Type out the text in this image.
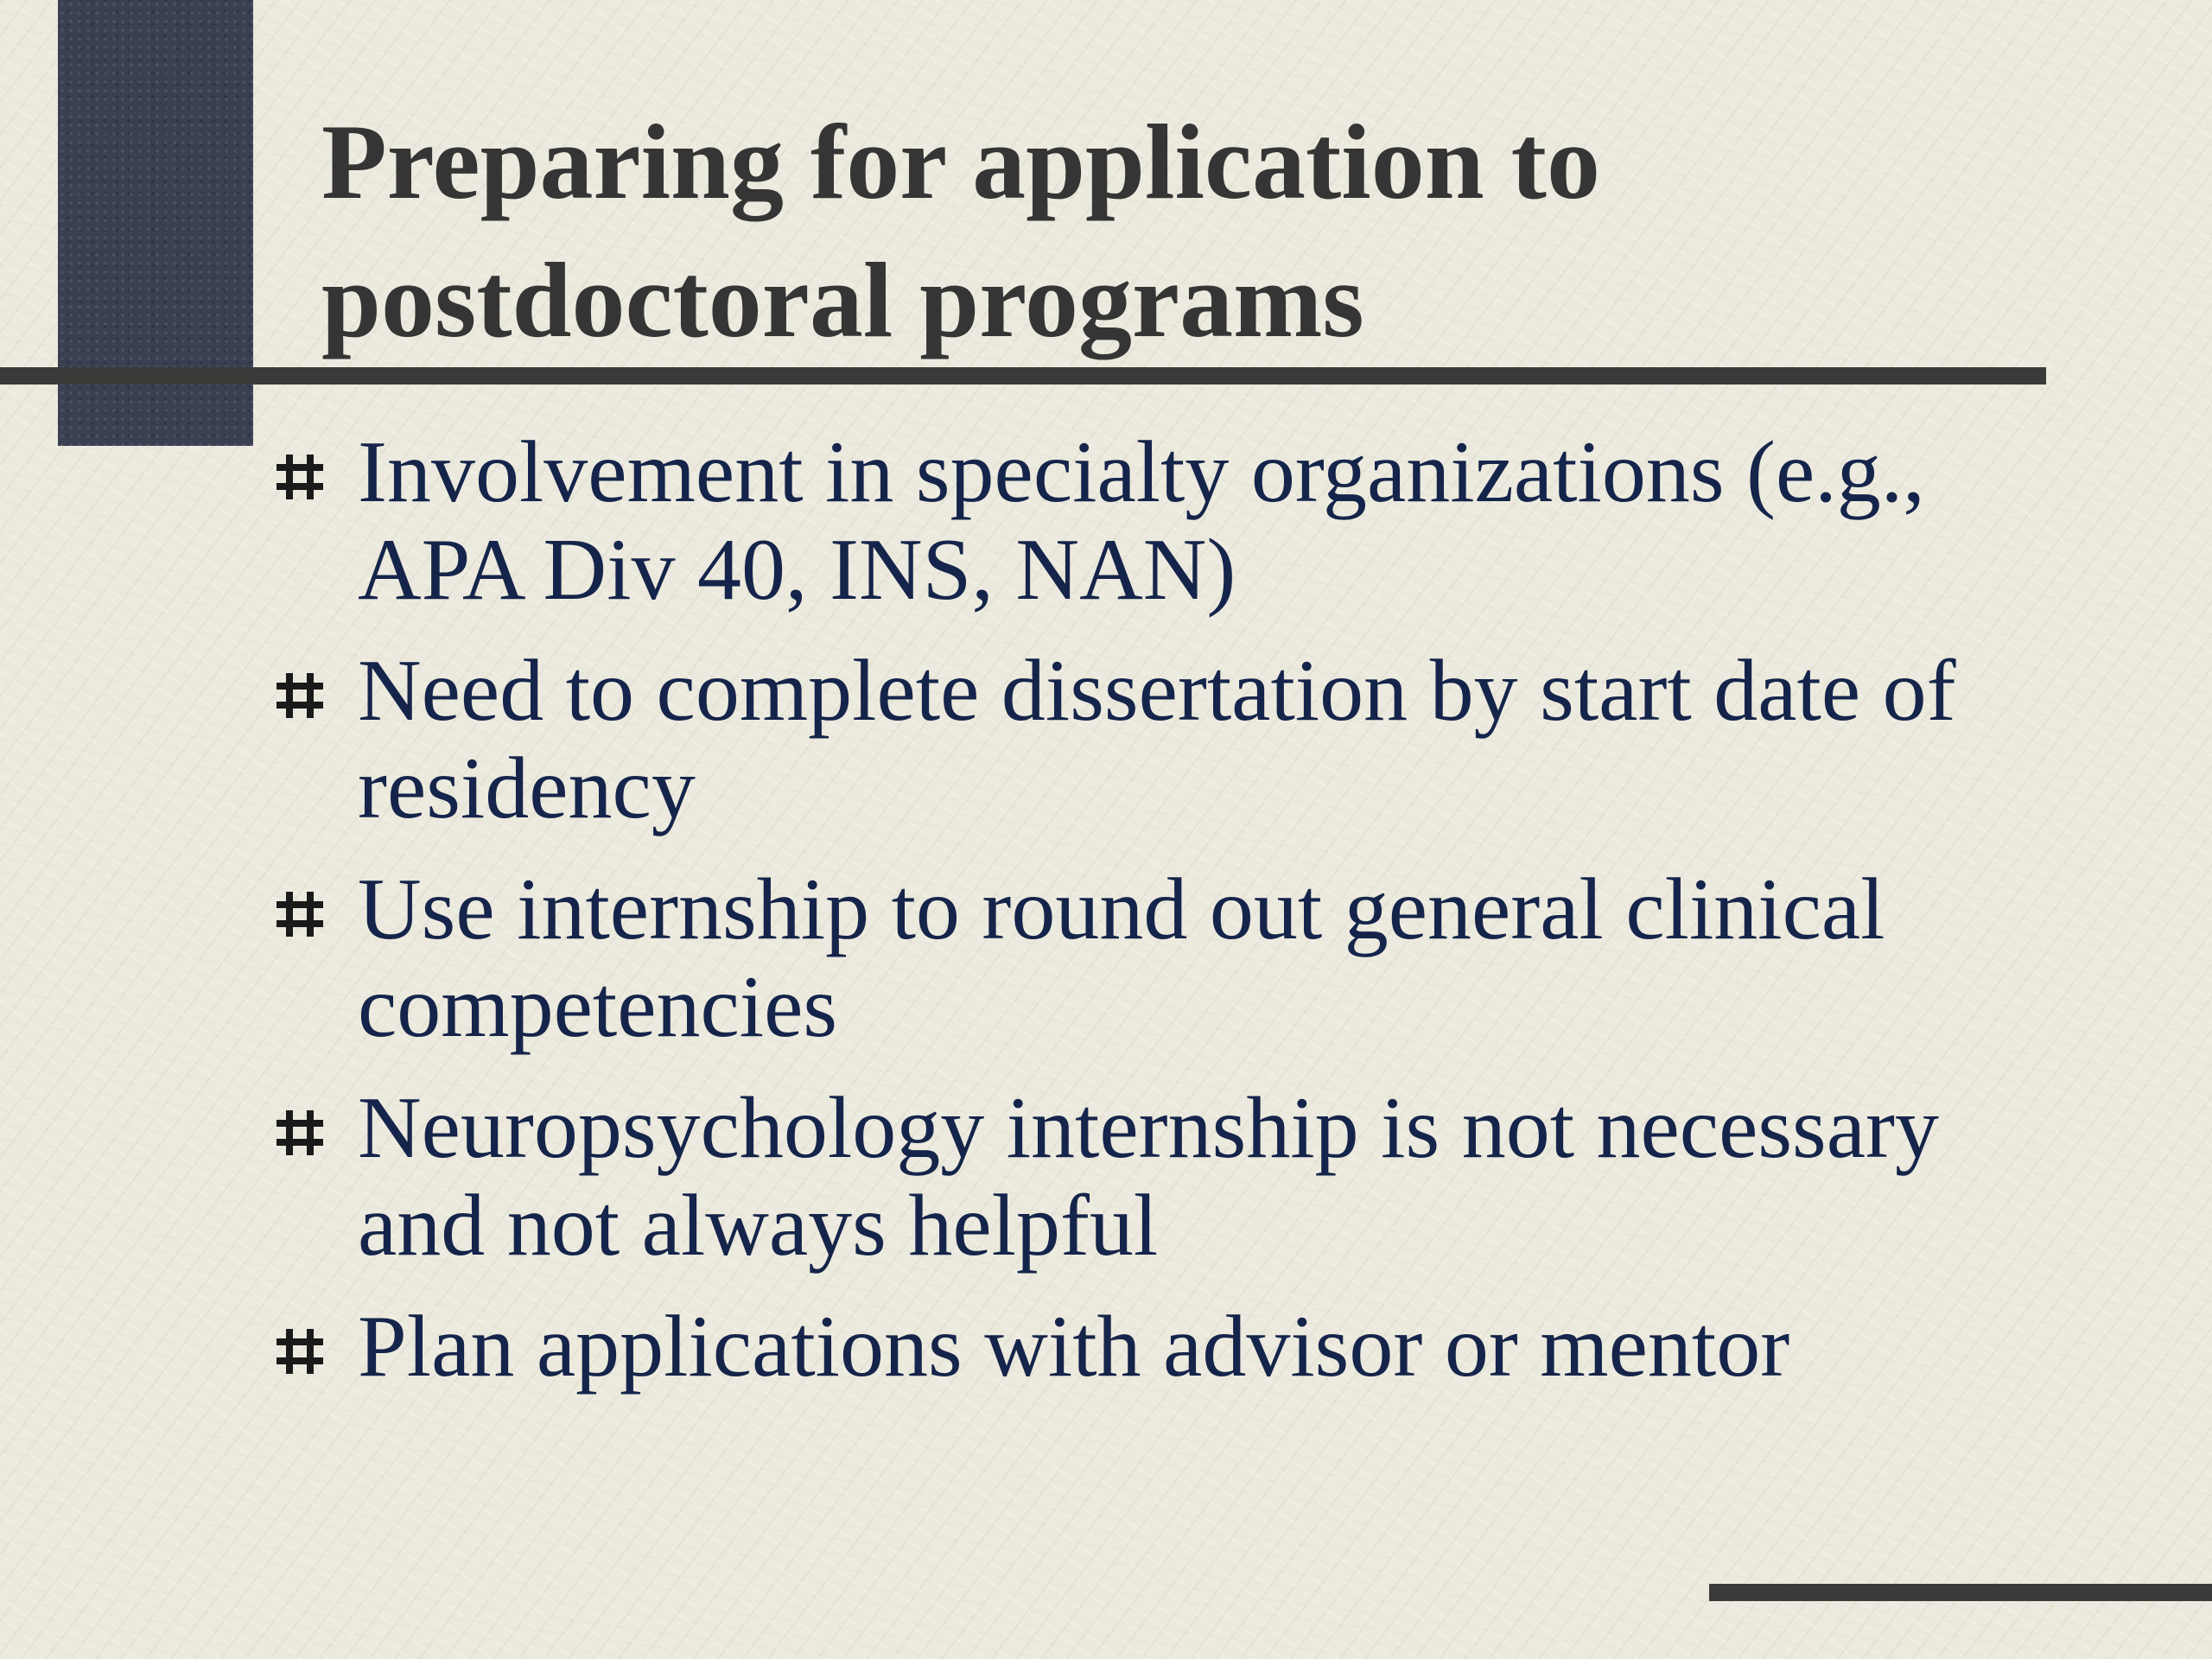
Preparing for application to postdoctoral programs
Involvement in specialty organizations (e.g., APA Div 40, INS, NAN)
Need to complete dissertation by start date of residency
Use internship to round out general clinical competencies
Neuropsychology internship is not necessary and not always helpful
Plan applications with advisor or mentor
